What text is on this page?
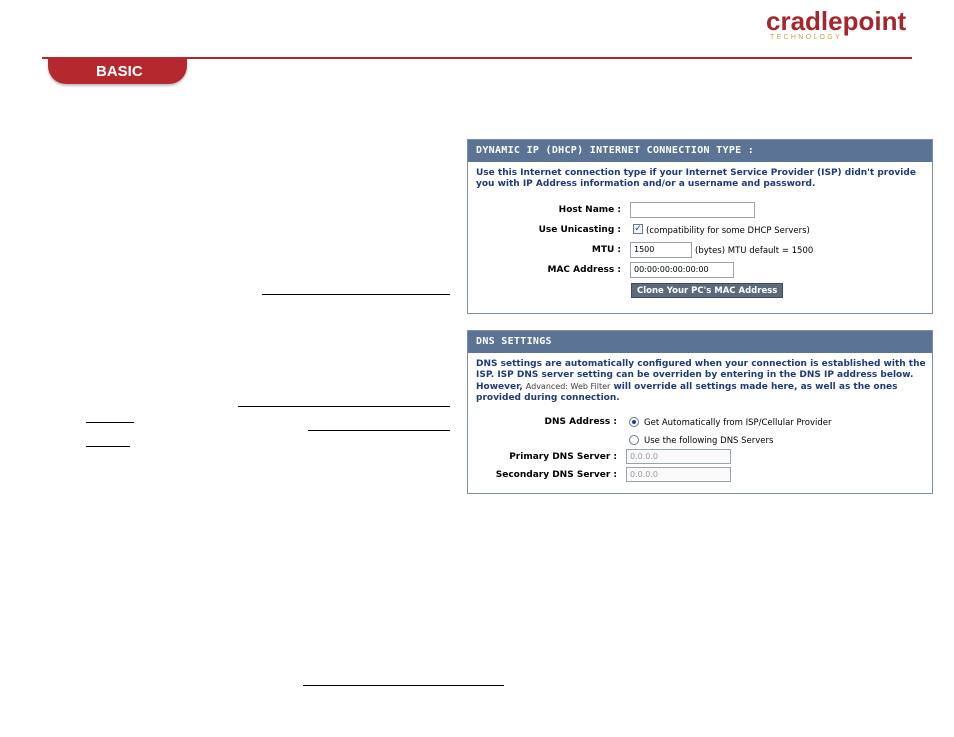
cradlepoint
TECHNOLOGY
BASIC
DYNAMIC IP (DHCP) INTERNET CONNECTION TYPE :
Use this Internet connection type if your Internet Service Provider (ISP) didn't provide you with IP Address information and/or a username and password.
Host Name :
Use Unicasting : ✓ (compatibility for some DHCP Servers)
MTU :	1500	(bytes) MTU default = 1500
MAC Address :	00:00:00:00:00:00
Clone Your PC's MAC Address
DNS SETTINGS
DNS settings are automatically configured when your connection is established with the ISP. ISP DNS server setting can be overriden by entering in the DNS IP address below. However, Advanced: Web Filter will override all settings made here, as well as the ones provided during connection.
DNS Address :	Get Automatically from ISP/Cellular Provider
Use the following DNS Servers
Primary DNS Server :	0.0.0.0
Secondary DNS Server :	0.0.0.0
